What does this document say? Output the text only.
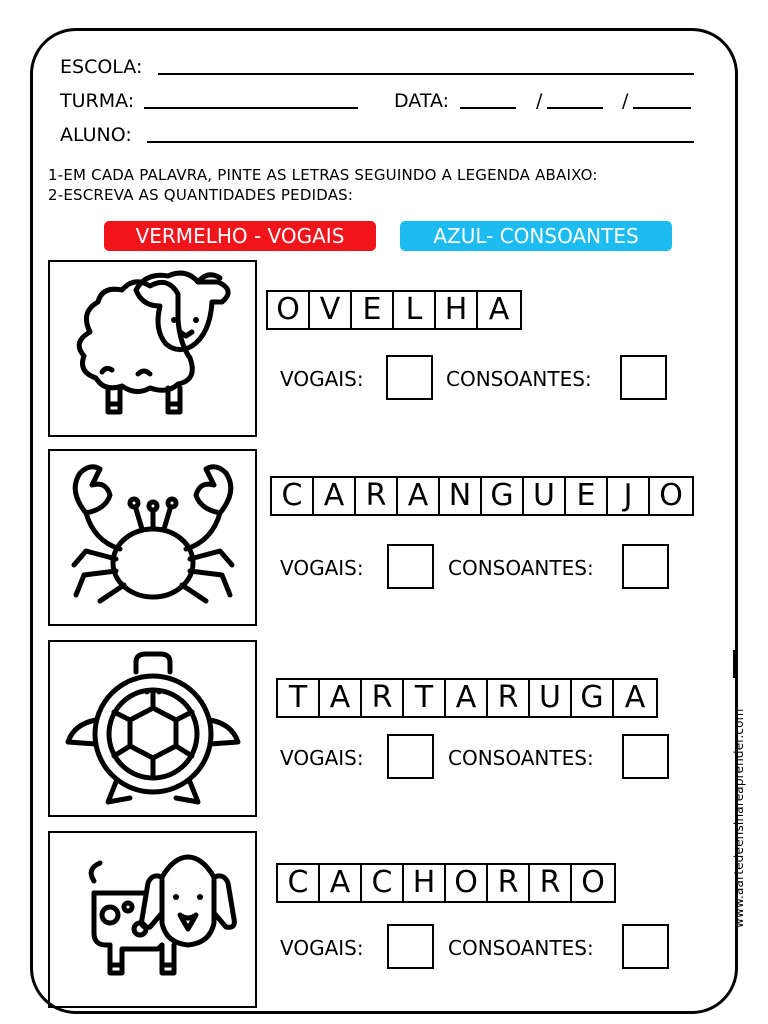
ESCOLA:
TURMA:	DATA:	/	/
ALUNO:
1-EM CADA PALAVRA, PINTE AS LETRAS SEGUINDO A LEGENDA ABAIXO:
2-ESCREVA AS QUANTIDADES PEDIDAS:
VERMELHO - VOGAIS	AZUL- CONSOANTES
O V E L H A
VOGAIS:	CONSOANTES:
C A R A N G U E J O
VOGAIS:	CONSOANTES:
T A R T A R U G A
VOGAIS:	CONSOANTES:
C A C H O R R O
VOGAIS:	CONSOANTES:
www.aartedeensinareaprender.com
